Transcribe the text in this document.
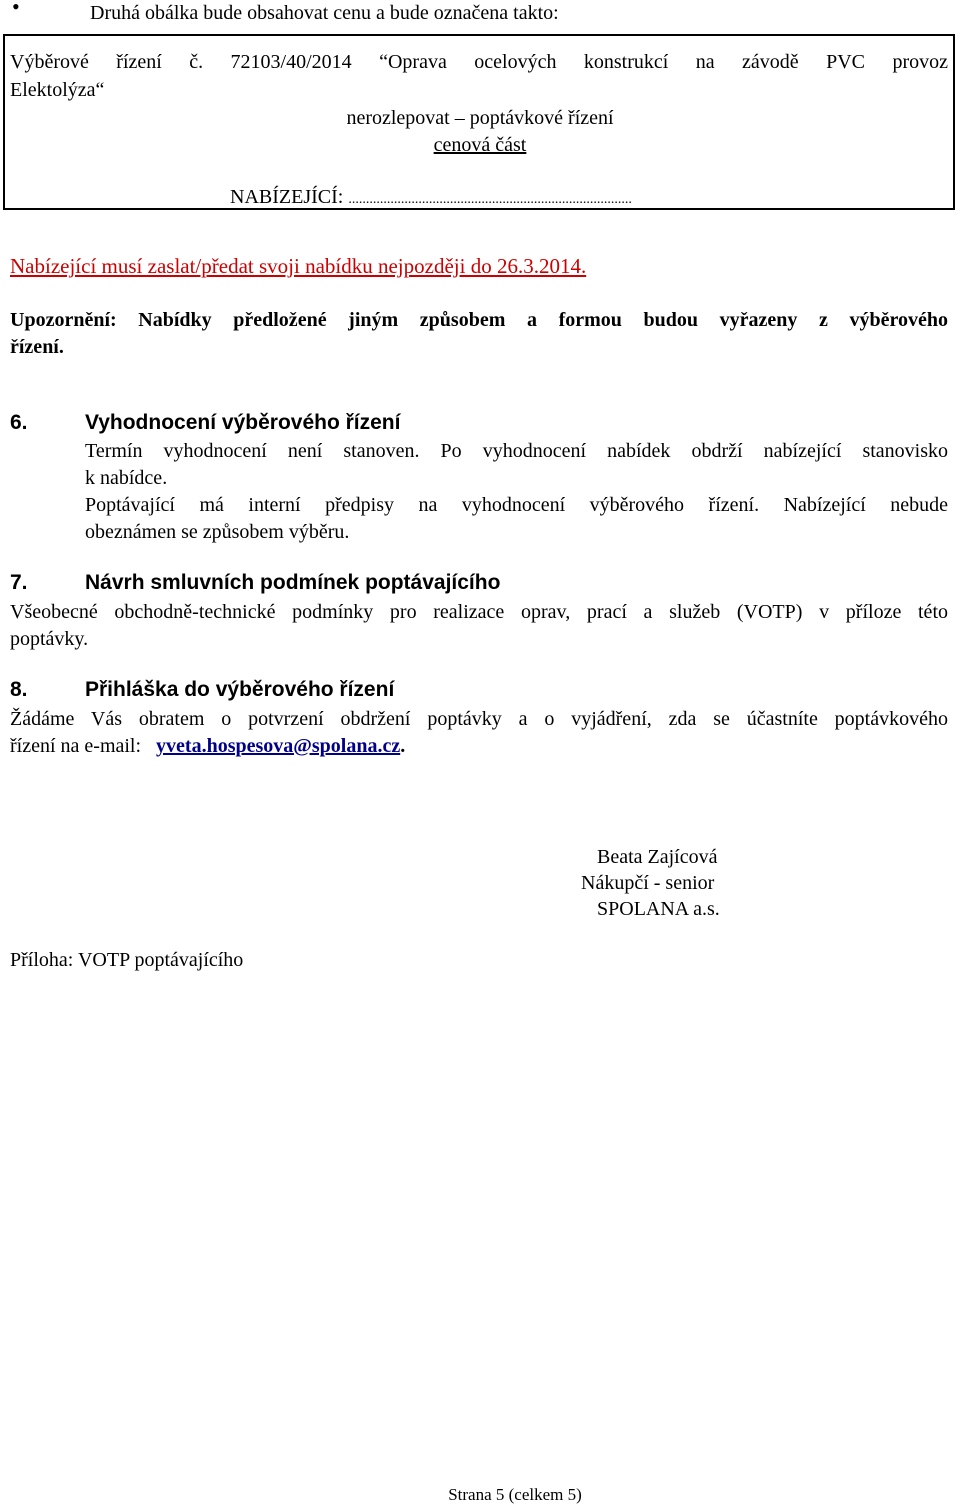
•	Druhá obálka bude obsahovat cenu a bude označena takto:
Výběrové řízení č. 72103/40/2014 “Oprava ocelových konstrukcí na závodě PVC provoz
Elektolýza“
nerozlepovat – poptávkové řízení
cenová část
NABÍZEJÍCÍ: .................................................................................
Nabízející musí zaslat/předat svoji nabídku nejpozději do 26.3.2014.
Upozornění: Nabídky předložené jiným způsobem a formou budou vyřazeny z výběrového
řízení.
6.	Vyhodnocení výběrového řízení
Termín vyhodnocení není stanoven. Po vyhodnocení nabídek obdrží nabízející stanovisko
k nabídce.
Poptávající má interní předpisy na vyhodnocení výběrového řízení. Nabízející nebude
obeznámen se způsobem výběru.
7.	Návrh smluvních podmínek poptávajícího
Všeobecné obchodně-technické podmínky pro realizace oprav, prací a služeb (VOTP) v příloze této
poptávky.
8.	Přihláška do výběrového řízení
Žádáme Vás obratem o potvrzení obdržení poptávky a o vyjádření, zda se účastníte poptávkového
řízení na e-mail: yveta.hospesova@spolana.cz.
Beata Zajícová
Nákupčí - senior
SPOLANA a.s.
Příloha: VOTP poptávajícího
Strana 5 (celkem 5)
